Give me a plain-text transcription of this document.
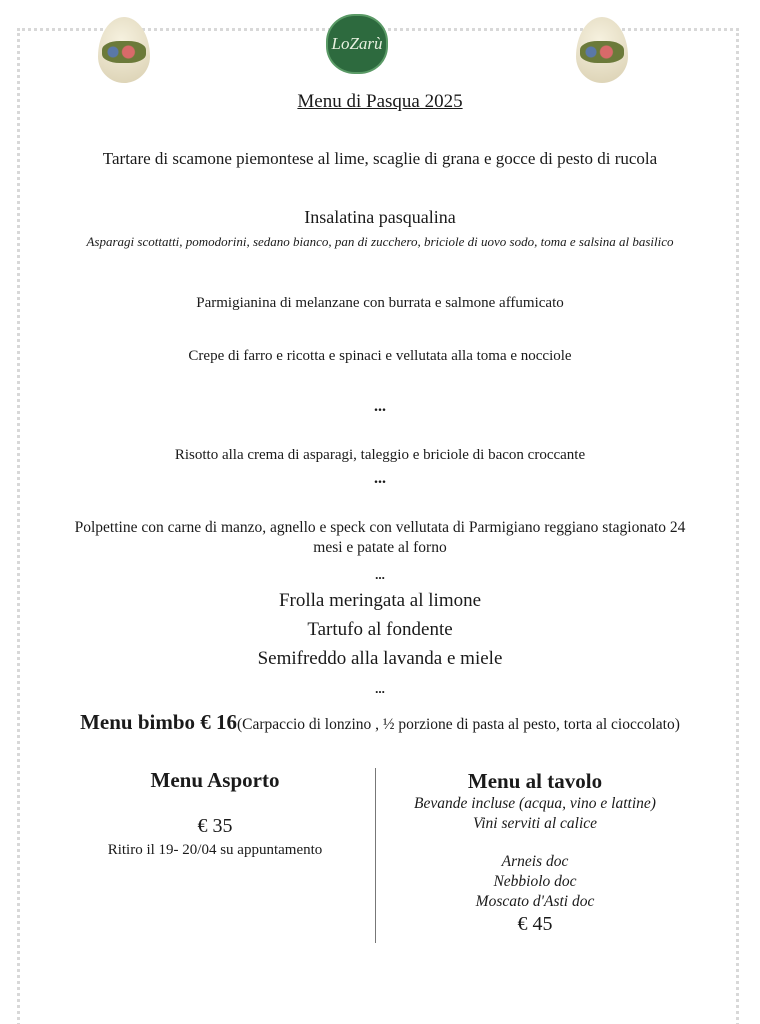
LoZarù
Menu di Pasqua 2025
Tartare di scamone piemontese al lime, scaglie di grana e gocce di pesto di rucola
Insalatina pasqualina
Asparagi scottatti, pomodorini, sedano bianco, pan di zucchero, briciole di uovo sodo, toma e salsina al basilico
Parmigianina di melanzane con burrata e salmone affumicato
Crepe di farro e ricotta e spinaci e vellutata alla toma e nocciole
...
Risotto alla crema di asparagi, taleggio e briciole di bacon croccante
...
Polpettine con carne di manzo, agnello e speck con vellutata di Parmigiano reggiano stagionato 24 mesi e patate al forno
...
Frolla meringata al limone
Tartufo al fondente
Semifreddo alla lavanda e miele
...
Menu bimbo € 16(Carpaccio di lonzino , ½ porzione di pasta al pesto, torta al cioccolato)
Menu Asporto
€ 35
Ritiro il 19- 20/04 su appuntamento
Menu al tavolo
Bevande incluse (acqua, vino e lattine)
Vini serviti al calice
Arneis doc
Nebbiolo doc
Moscato d'Asti doc
€ 45
